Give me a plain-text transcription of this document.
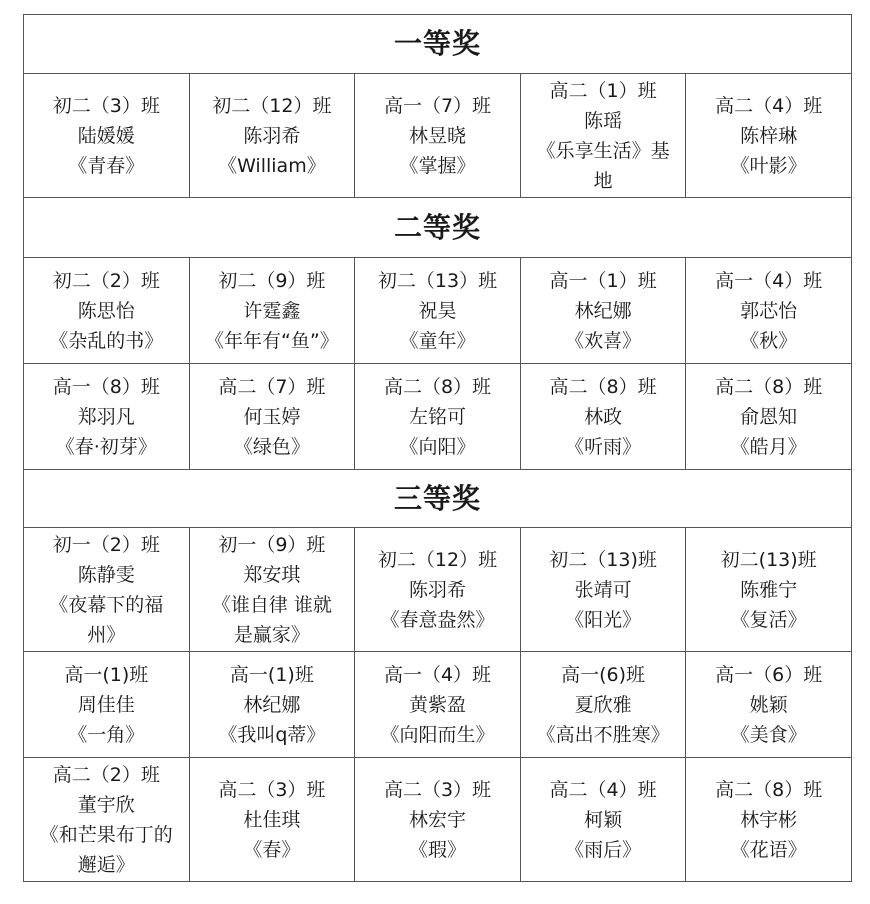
一等奖				
初二（3）班
陆媛媛
《青春》	初二（12）班
陈羽希
《William》	高一（7）班
林昱晓
《掌握》	高二（1）班
陈瑶
《乐享生活》基
地	高二（4）班
陈梓琳
《叶影》
二等奖				
初二（2）班
陈思怡
《杂乱的书》	初二（9）班
许霆鑫
《年年有“鱼”》	初二（13）班
祝昊
《童年》	高一（1）班
林纪娜
《欢喜》	高一（4）班
郭芯怡
《秋》
高一（8）班
郑羽凡
《春·初芽》	高二（7）班
何玉婷
《绿色》	高二（8）班
左铭可
《向阳》	高二（8）班
林政
《听雨》	高二（8）班
俞恩知
《皓月》
三等奖				
初一（2）班
陈静雯
《夜幕下的福
州》	初一（9）班
郑安琪
《谁自律 谁就
是赢家》	初二（12）班
陈羽希
《春意盎然》	初二（13)班
张靖可
《阳光》	初二(13)班
陈雅宁
《复活》
高一(1)班
周佳佳
《一角》	高一(1)班
林纪娜
《我叫q蒂》	高一（4）班
黄紫盈
《向阳而生》	高一(6)班
夏欣雅
《高出不胜寒》	高一（6）班
姚颖
《美食》
高二（2）班
董宇欣
《和芒果布丁的
邂逅》	高二（3）班
杜佳琪
《春》	高二（3）班
林宏宇
《瑕》	高二（4）班
柯颖
《雨后》	高二（8）班
林宇彬
《花语》
